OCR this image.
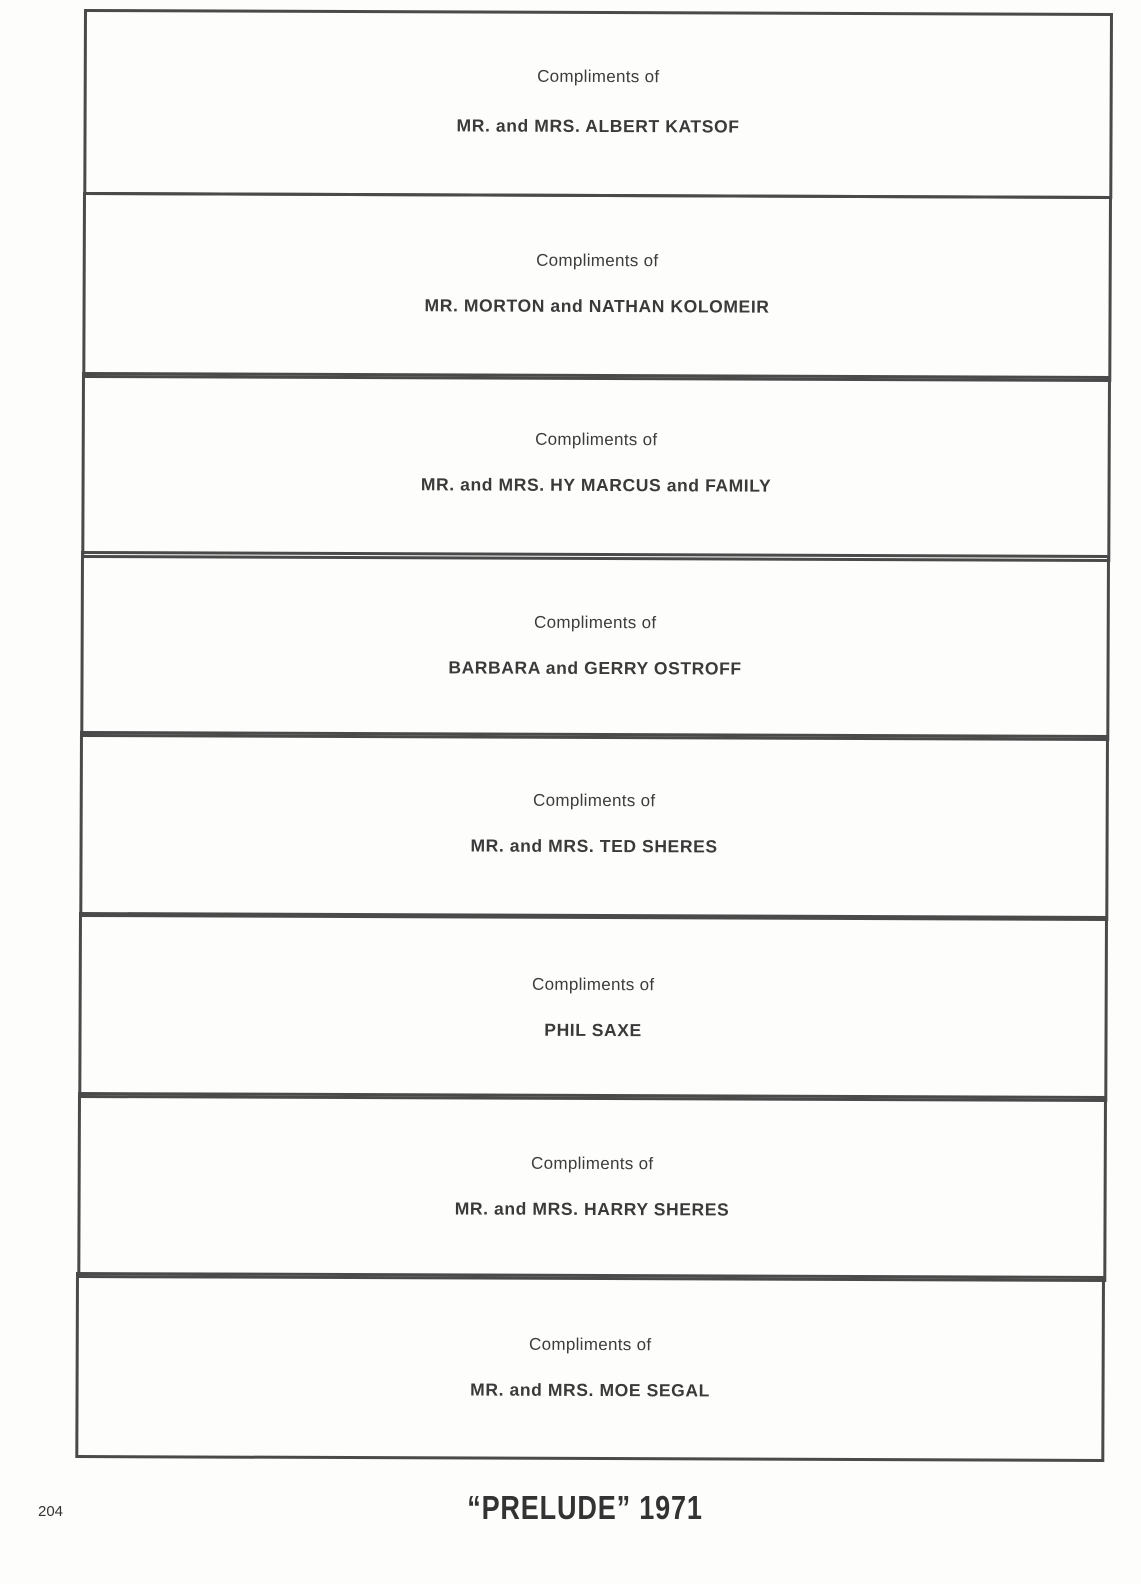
Compliments of
MR. and MRS. ALBERT KATSOF
Compliments of
MR. MORTON and NATHAN KOLOMEIR
Compliments of
MR. and MRS. HY MARCUS and FAMILY
Compliments of
BARBARA and GERRY OSTROFF
Compliments of
MR. and MRS. TED SHERES
Compliments of
PHIL SAXE
Compliments of
MR. and MRS. HARRY SHERES
Compliments of
MR. and MRS. MOE SEGAL
204	“PRELUDE” 1971
